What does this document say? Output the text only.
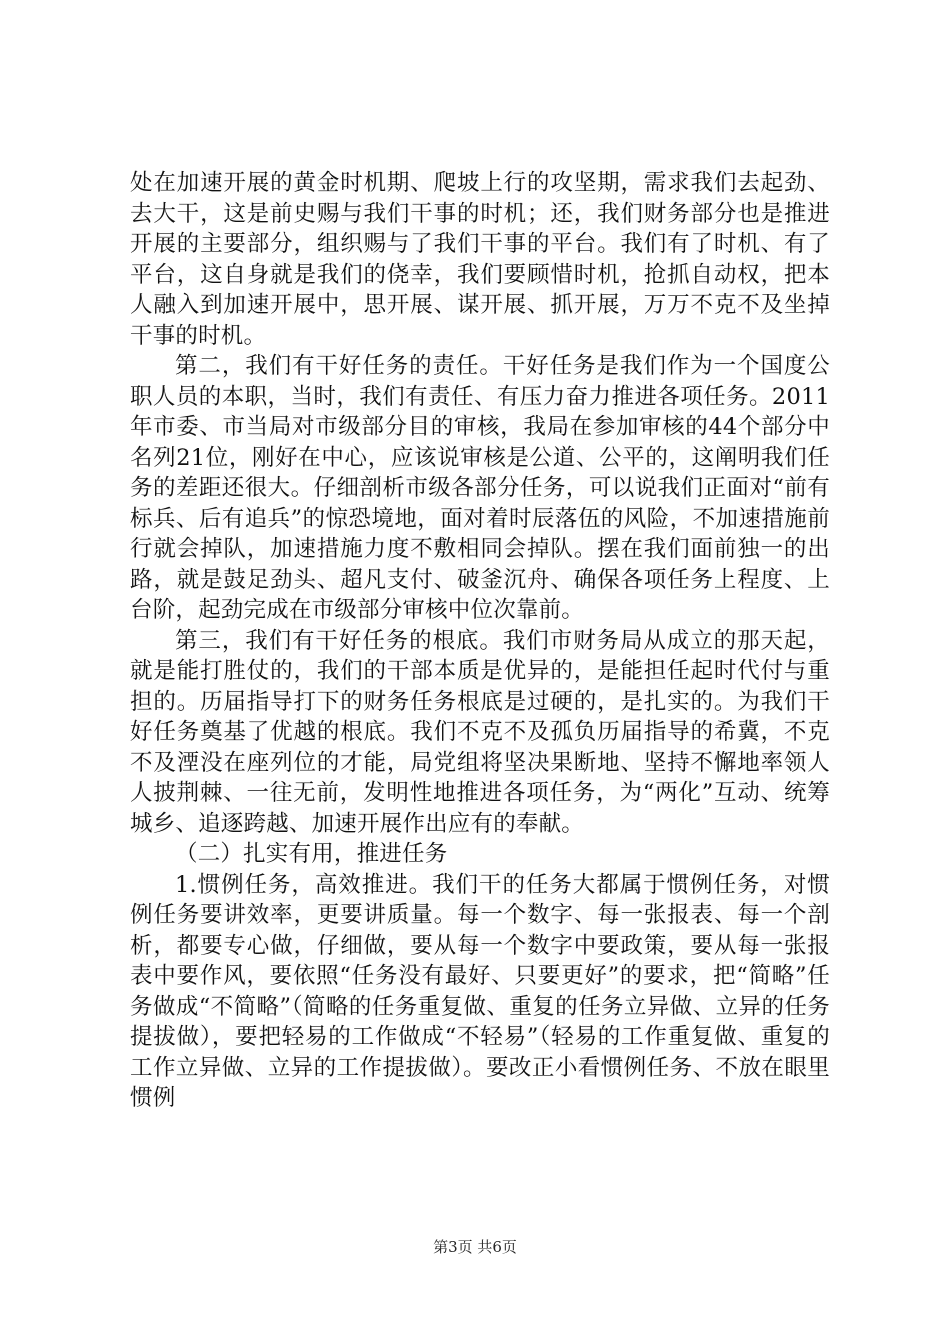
处在加速开展的黄金时机期、爬坡上行的攻坚期，需求我们去起劲、去大干，这是前史赐与我们干事的时机；还，我们财务部分也是推进开展的主要部分，组织赐与了我们干事的平台。我们有了时机、有了平台，这自身就是我们的侥幸，我们要顾惜时机，抢抓自动权，把本人融入到加速开展中，思开展、谋开展、抓开展，万万不克不及坐掉干事的时机。

第二，我们有干好任务的责任。干好任务是我们作为一个国度公职人员的本职，当时，我们有责任、有压力奋力推进各项任务。2011年市委、市当局对市级部分目的审核，我局在参加审核的44个部分中名列21位，刚好在中心，应该说审核是公道、公平的，这阐明我们任务的差距还很大。仔细剖析市级各部分任务，可以说我们正面对“前有标兵、后有追兵”的惊恐境地，面对着时辰落伍的风险，不加速措施前行就会掉队，加速措施力度不敷相同会掉队。摆在我们面前独一的出路，就是鼓足劲头、超凡支付、破釜沉舟、确保各项任务上程度、上台阶，起劲完成在市级部分审核中位次靠前。

第三，我们有干好任务的根底。我们市财务局从成立的那天起，就是能打胜仗的，我们的干部本质是优异的，是能担任起时代付与重担的。历届指导打下的财务任务根底是过硬的，是扎实的。为我们干好任务奠基了优越的根底。我们不克不及孤负历届指导的希冀，不克不及湮没在座列位的才能，局党组将坚决果断地、坚持不懈地率领人人披荆棘、一往无前，发明性地推进各项任务，为“两化”互动、统筹城乡、追逐跨越、加速开展作出应有的奉献。

（二）扎实有用，推进任务

1.惯例任务，高效推进。我们干的任务大都属于惯例任务，对惯例任务要讲效率，更要讲质量。每一个数字、每一张报表、每一个剖析，都要专心做，仔细做，要从每一个数字中要政策，要从每一张报表中要作风，要依照“任务没有最好、只要更好”的要求，把“简略”任务做成“不简略”（简略的任务重复做、重复的任务立异做、立异的任务提拔做），要把轻易的工作做成“不轻易”（轻易的工作重复做、重复的工作立异做、立异的工作提拔做）。要改正小看惯例任务、不放在眼里惯例

第3页 共6页
